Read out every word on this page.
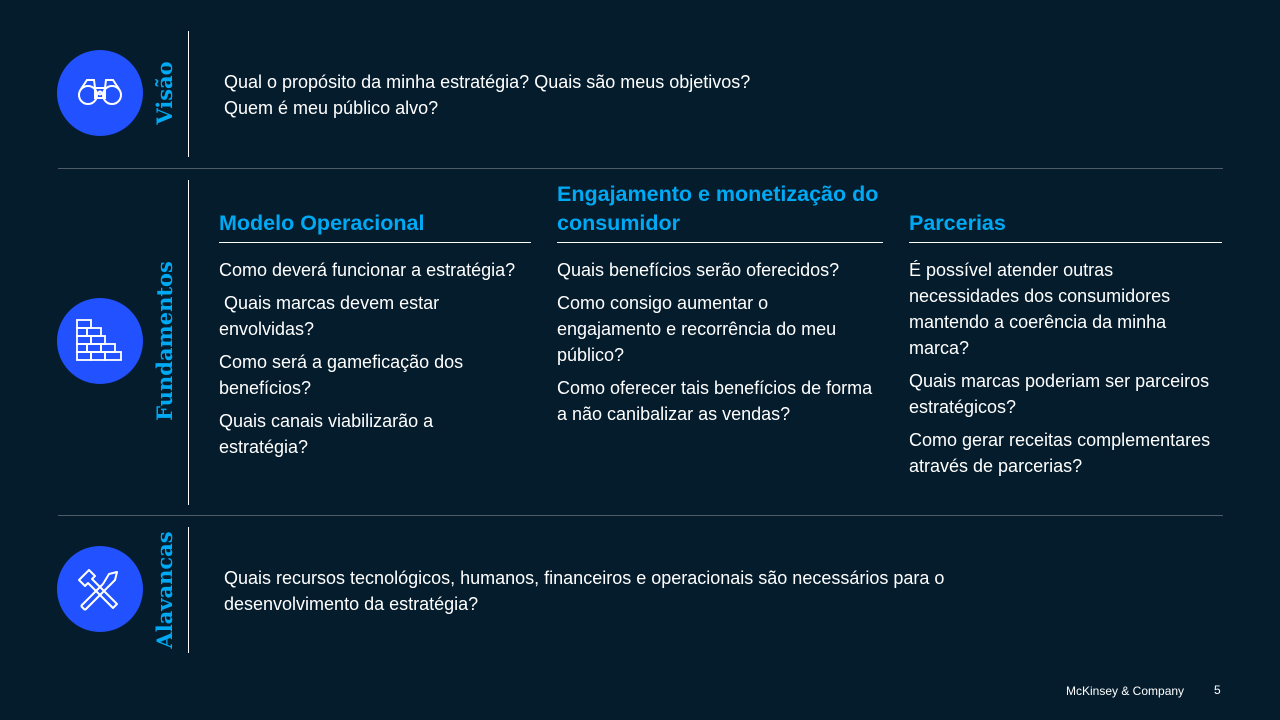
Visão	Qual o propósito da minha estratégia? Quais são meus objetivos?
Quem é meu público alvo?
Fundamentos
Modelo Operacional
Como deverá funcionar a estratégia?
Quais marcas devem estar envolvidas?
Como será a gameficação dos benefícios?
Quais canais viabilizarão a estratégia?
Engajamento e monetização do consumidor
Quais benefícios serão oferecidos?
Como consigo aumentar o engajamento e recorrência do meu público?
Como oferecer tais benefícios de forma a não canibalizar as vendas?
Parcerias
É possível atender outras necessidades dos consumidores mantendo a coerência da minha marca?
Quais marcas poderiam ser parceiros estratégicos?
Como gerar receitas complementares através de parcerias?
Alavancas	Quais recursos tecnológicos, humanos, financeiros e operacionais são necessários para o
desenvolvimento da estratégia?
McKinsey & Company 5
